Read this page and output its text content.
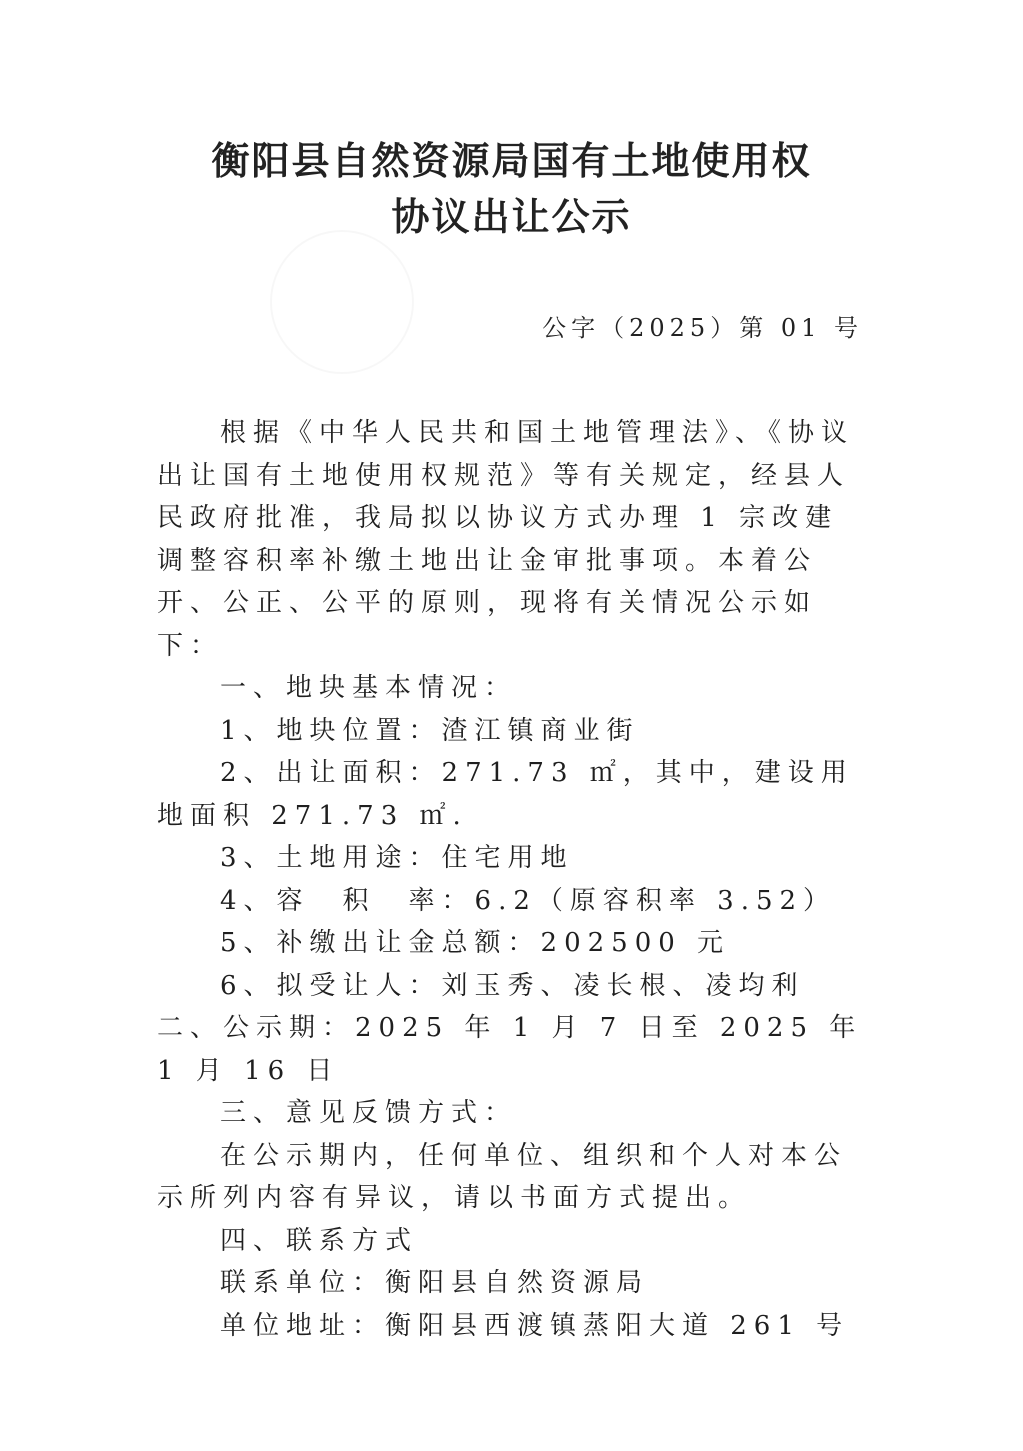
衡阳县自然资源局国有土地使用权
协议出让公示
公字（2025）第 01 号

根据《中华人民共和国土地管理法》、《协议出让国有土地使用权规范》等有关规定，经县人民政府批准，我局拟以协议方式办理 1 宗改建调整容积率补缴土地出让金审批事项。本着公开、公正、公平的原则，现将有关情况公示如下：

一、地块基本情况：

1、地块位置：渣江镇商业街

2、出让面积：271.73 ㎡，其中，建设用地面积 271.73 ㎡.

3、土地用途：住宅用地

4、容　积　率：6.2（原容积率 3.52）

5、补缴出让金总额：202500 元

6、拟受让人：刘玉秀、凌长根、凌均利

二、公示期：2025 年 1 月 7 日至 2025 年 1 月 16 日

三、意见反馈方式：

在公示期内，任何单位、组织和个人对本公示所列内容有异议，请以书面方式提出。

四、联系方式

联系单位：衡阳县自然资源局

单位地址：衡阳县西渡镇蒸阳大道 261 号
